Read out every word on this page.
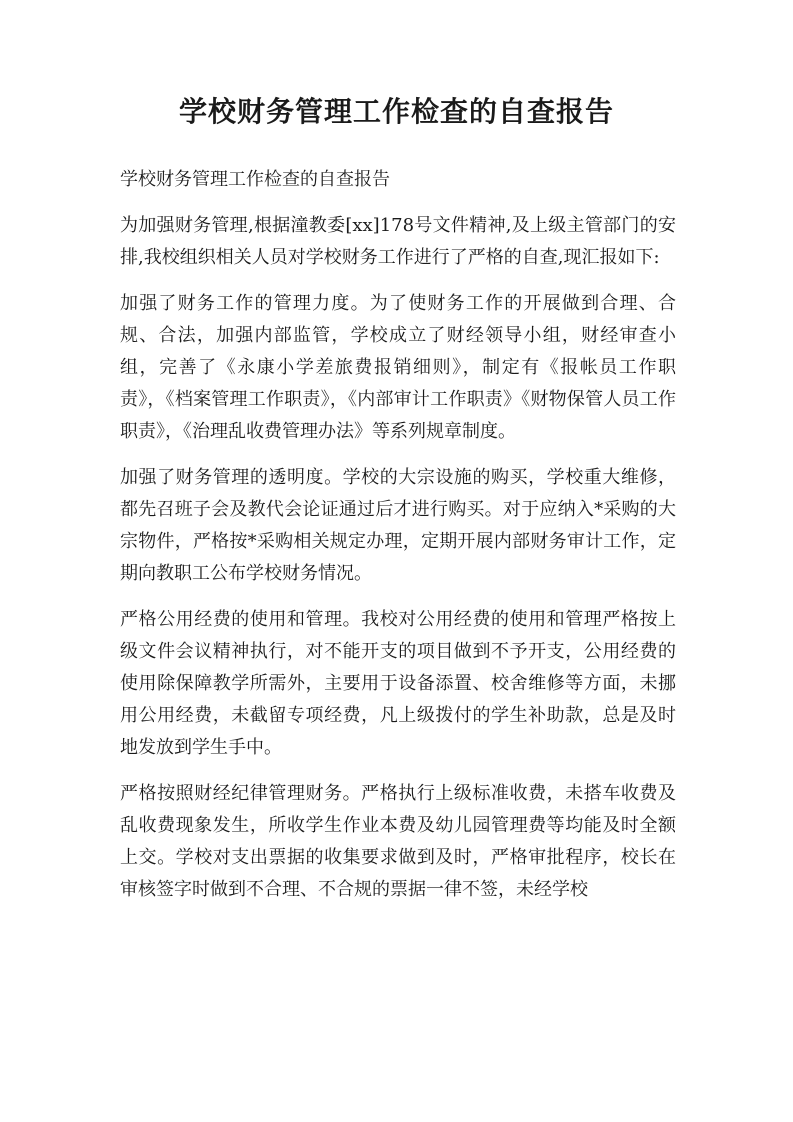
学校财务管理工作检查的自查报告

学校财务管理工作检查的自查报告

为加强财务管理,根据潼教委[xx]178号文件精神,及上级主管部门的安排,我校组织相关人员对学校财务工作进行了严格的自查,现汇报如下:

加强了财务工作的管理力度。为了使财务工作的开展做到合理、合规、合法，加强内部监管，学校成立了财经领导小组，财经审查小组，完善了《永康小学差旅费报销细则》，制定有《报帐员工作职责》，《档案管理工作职责》，《内部审计工作职责》《财物保管人员工作职责》，《治理乱收费管理办法》等系列规章制度。

加强了财务管理的透明度。学校的大宗设施的购买，学校重大维修，都先召班子会及教代会论证通过后才进行购买。对于应纳入*采购的大宗物件，严格按*采购相关规定办理，定期开展内部财务审计工作，定期向教职工公布学校财务情况。

严格公用经费的使用和管理。我校对公用经费的使用和管理严格按上级文件会议精神执行，对不能开支的项目做到不予开支，公用经费的使用除保障教学所需外，主要用于设备添置、校舍维修等方面，未挪用公用经费，未截留专项经费，凡上级拨付的学生补助款，总是及时地发放到学生手中。

严格按照财经纪律管理财务。严格执行上级标准收费，未搭车收费及乱收费现象发生，所收学生作业本费及幼儿园管理费等均能及时全额上交。学校对支出票据的收集要求做到及时，严格审批程序，校长在审核签字时做到不合理、不合规的票据一律不签，未经学校
